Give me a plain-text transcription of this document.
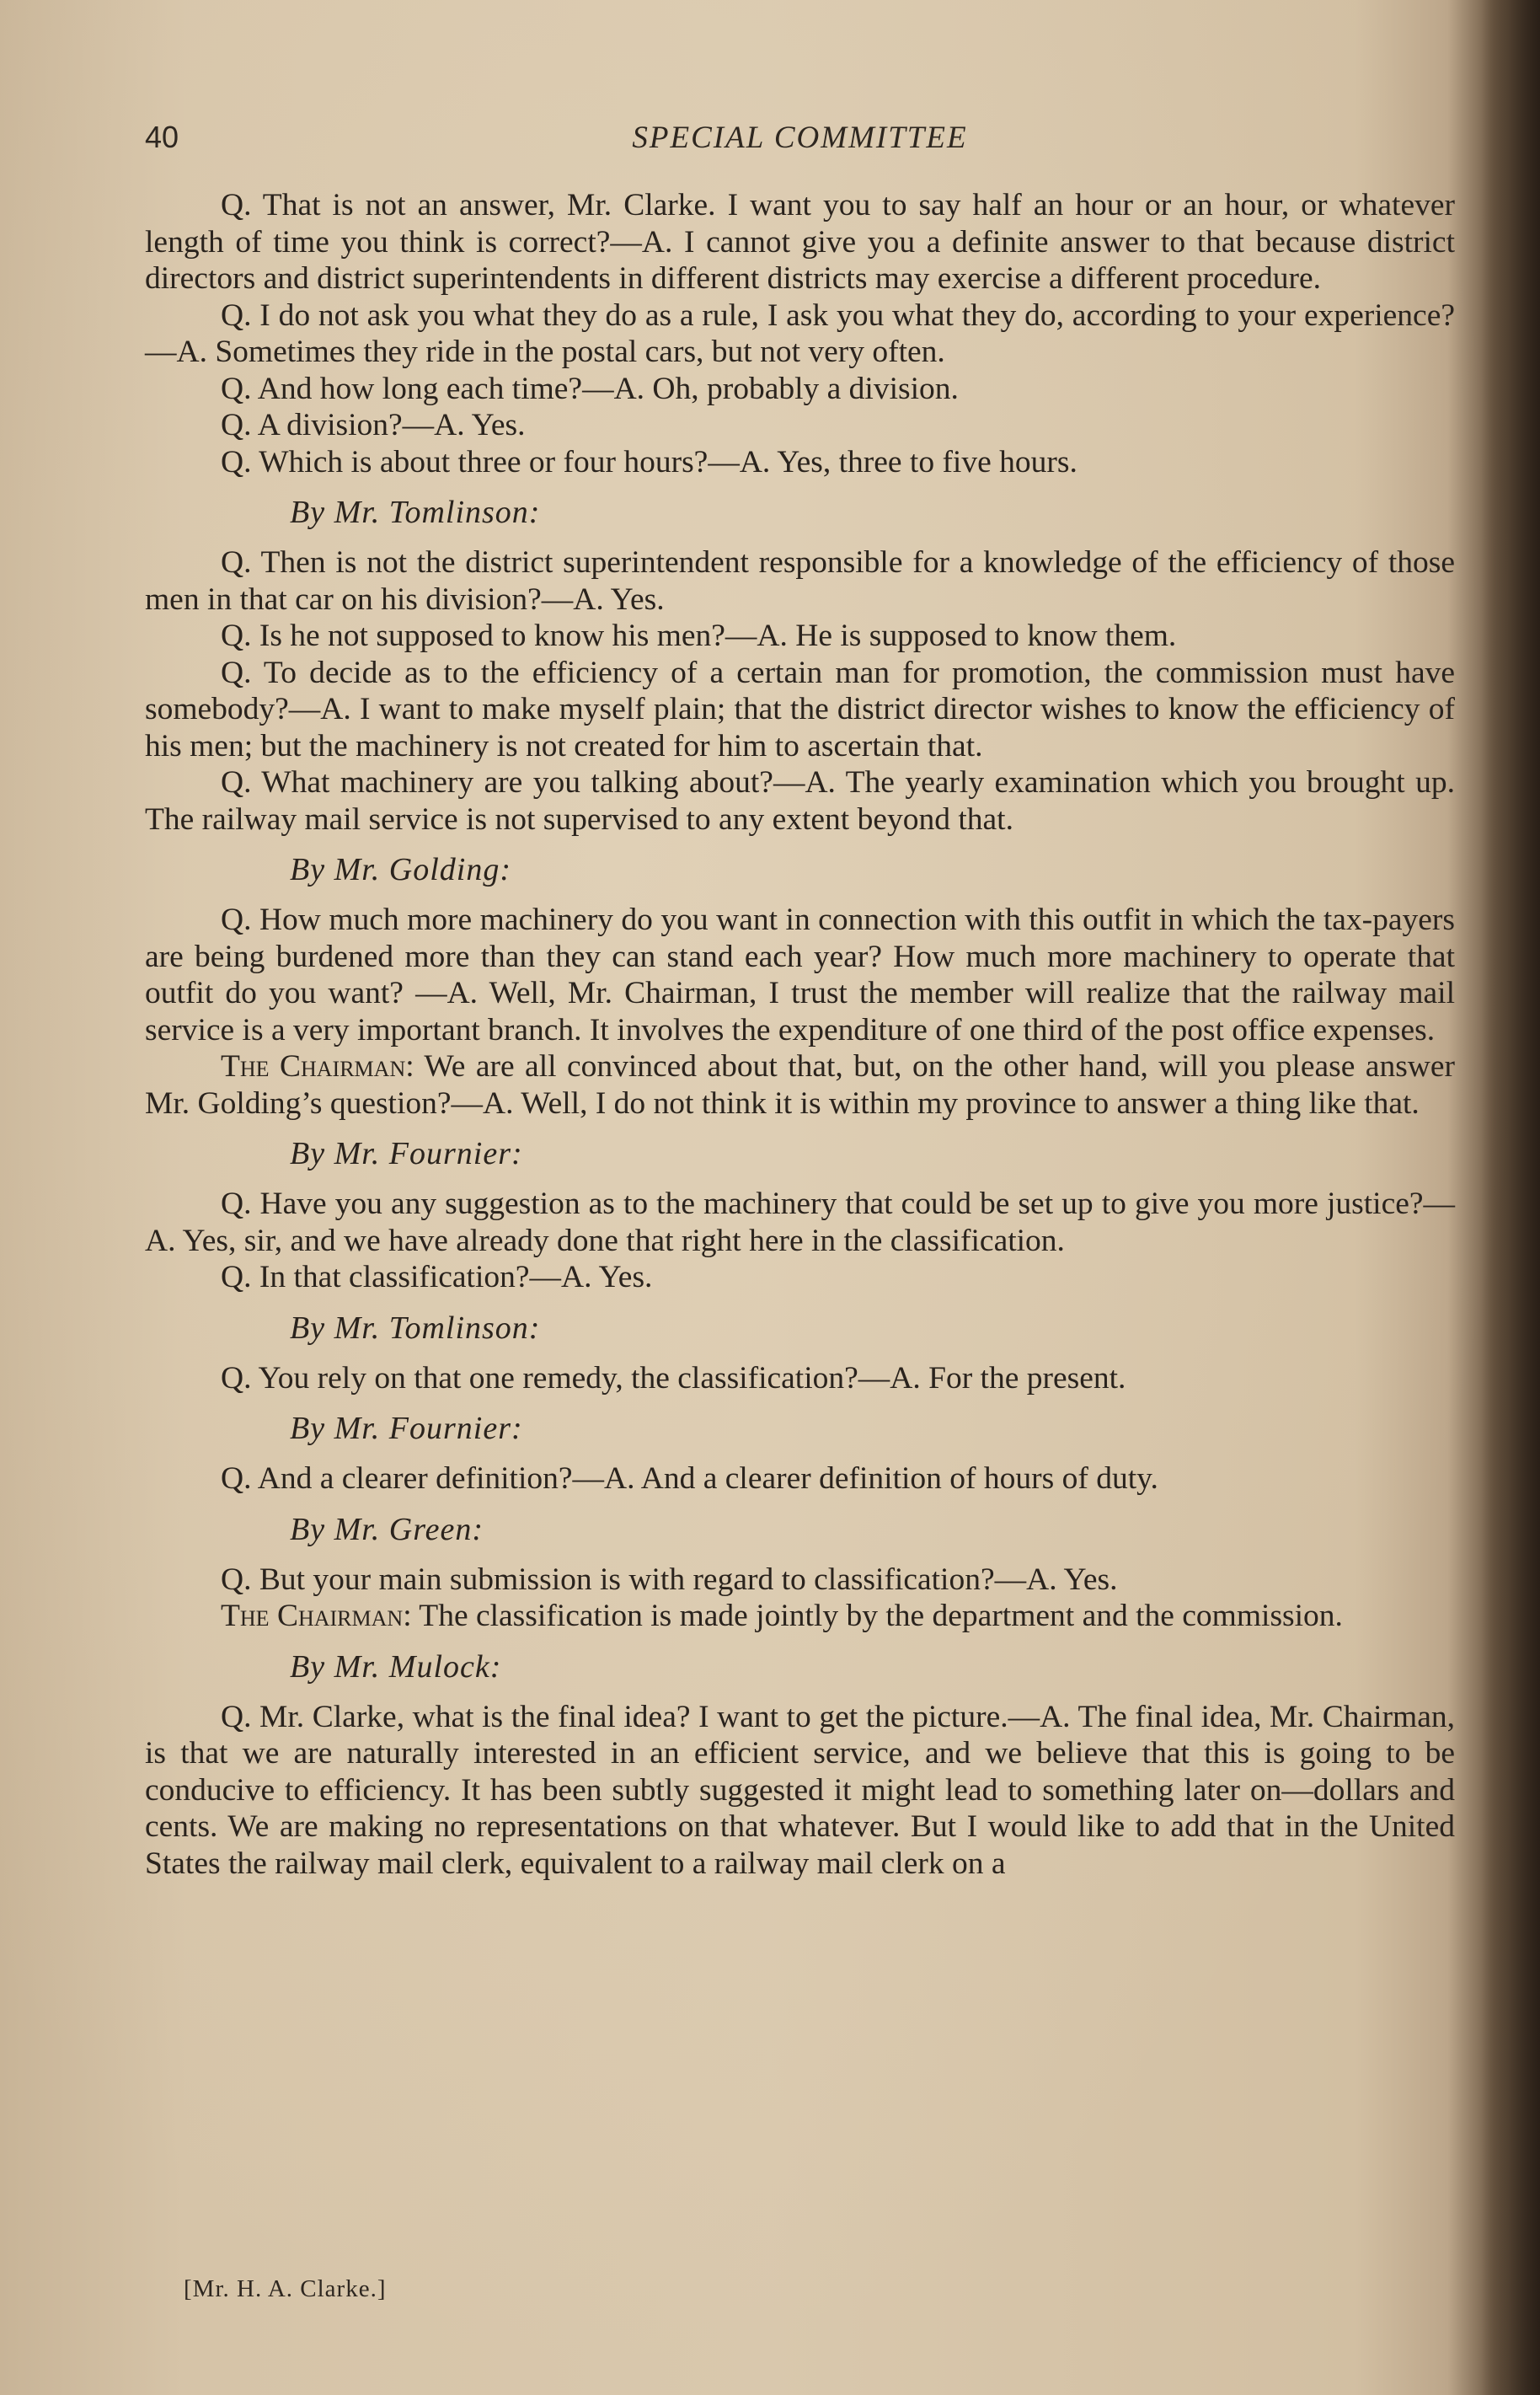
40	SPECIAL COMMITTEE

Q. That is not an answer, Mr. Clarke. I want you to say half an hour or an hour, or whatever length of time you think is correct?—A. I cannot give you a definite answer to that because district directors and district superintendents in different districts may exercise a different procedure.

Q. I do not ask you what they do as a rule, I ask you what they do, according to your experience?—A. Sometimes they ride in the postal cars, but not very often.

Q. And how long each time?—A. Oh, probably a division.

Q. A division?—A. Yes.

Q. Which is about three or four hours?—A. Yes, three to five hours.

By Mr. Tomlinson:

Q. Then is not the district superintendent responsible for a knowledge of the efficiency of those men in that car on his division?—A. Yes.

Q. Is he not supposed to know his men?—A. He is supposed to know them.

Q. To decide as to the efficiency of a certain man for promotion, the commission must have somebody?—A. I want to make myself plain; that the district director wishes to know the efficiency of his men; but the machinery is not created for him to ascertain that.

Q. What machinery are you talking about?—A. The yearly examination which you brought up. The railway mail service is not supervised to any extent beyond that.

By Mr. Golding:

Q. How much more machinery do you want in connection with this outfit in which the tax-payers are being burdened more than they can stand each year? How much more machinery to operate that outfit do you want? —A. Well, Mr. Chairman, I trust the member will realize that the railway mail service is a very important branch. It involves the expenditure of one third of the post office expenses.

The Chairman: We are all convinced about that, but, on the other hand, will you please answer Mr. Golding’s question?—A. Well, I do not think it is within my province to answer a thing like that.

By Mr. Fournier:

Q. Have you any suggestion as to the machinery that could be set up to give you more justice?—A. Yes, sir, and we have already done that right here in the classification.

Q. In that classification?—A. Yes.

By Mr. Tomlinson:

Q. You rely on that one remedy, the classification?—A. For the present.

By Mr. Fournier:

Q. And a clearer definition?—A. And a clearer definition of hours of duty.

By Mr. Green:

Q. But your main submission is with regard to classification?—A. Yes.

The Chairman: The classification is made jointly by the department and the commission.

By Mr. Mulock:

Q. Mr. Clarke, what is the final idea? I want to get the picture.—A. The final idea, Mr. Chairman, is that we are naturally interested in an efficient service, and we believe that this is going to be conducive to efficiency. It has been subtly suggested it might lead to something later on—dollars and cents. We are making no representations on that whatever. But I would like to add that in the United States the railway mail clerk, equivalent to a railway mail clerk on a

[Mr. H. A. Clarke.]
